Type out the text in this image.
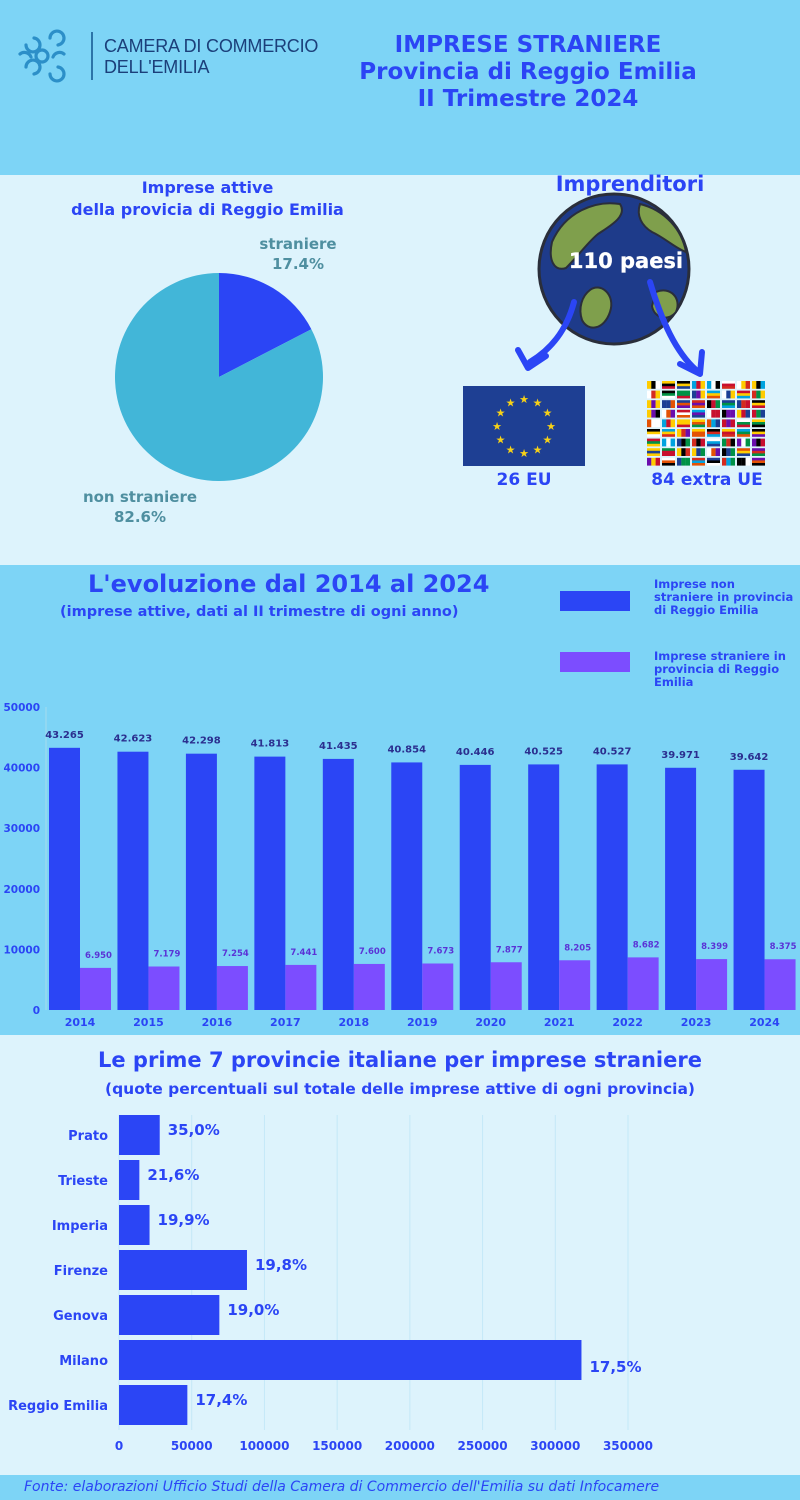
CAMERA DI COMMERCIO
DELL'EMILIA
IMPRESE STRANIERE
Provincia di Reggio Emilia
II Trimestre 2024
Imprese attive
della provicia di Reggio Emilia
straniere
17.4%
non straniere
82.6%
110 paesi
Imprenditori
★ ★
★
★
★
★
★
★
★
★
★
★
26 EU	84 extra UE
L'evoluzione dal 2014 al 2024
(imprese attive, dati al II trimestre di ogni anno)
Imprese non straniere in provincia di Reggio Emilia
Imprese straniere in provincia di Reggio Emilia
0
10000
20000
30000
40000
50000
43.265
6.950
2014
42.623
7.179
2015
42.298
7.254
2016
41.813
7.441
2017
41.435
7.600
2018
40.854
7.673
2019
40.446
7.877
2020
40.525
8.205
2021
40.527
8.682
2022
39.971
8.399
2023
39.642
8.375
2024
Le prime 7 provincie italiane per imprese straniere
(quote percentuali sul totale delle imprese attive di ogni provincia)
0	50000 100000 150000 200000 250000 300000 350000
Prato	35,0%
Trieste	21,6%
Imperia	19,9%
Firenze	19,8%
Genova	19,0%
Milano	17,5%
Reggio Emilia	17,4%
Fonte: elaborazioni Ufficio Studi della Camera di Commercio dell'Emilia su dati Infocamere
